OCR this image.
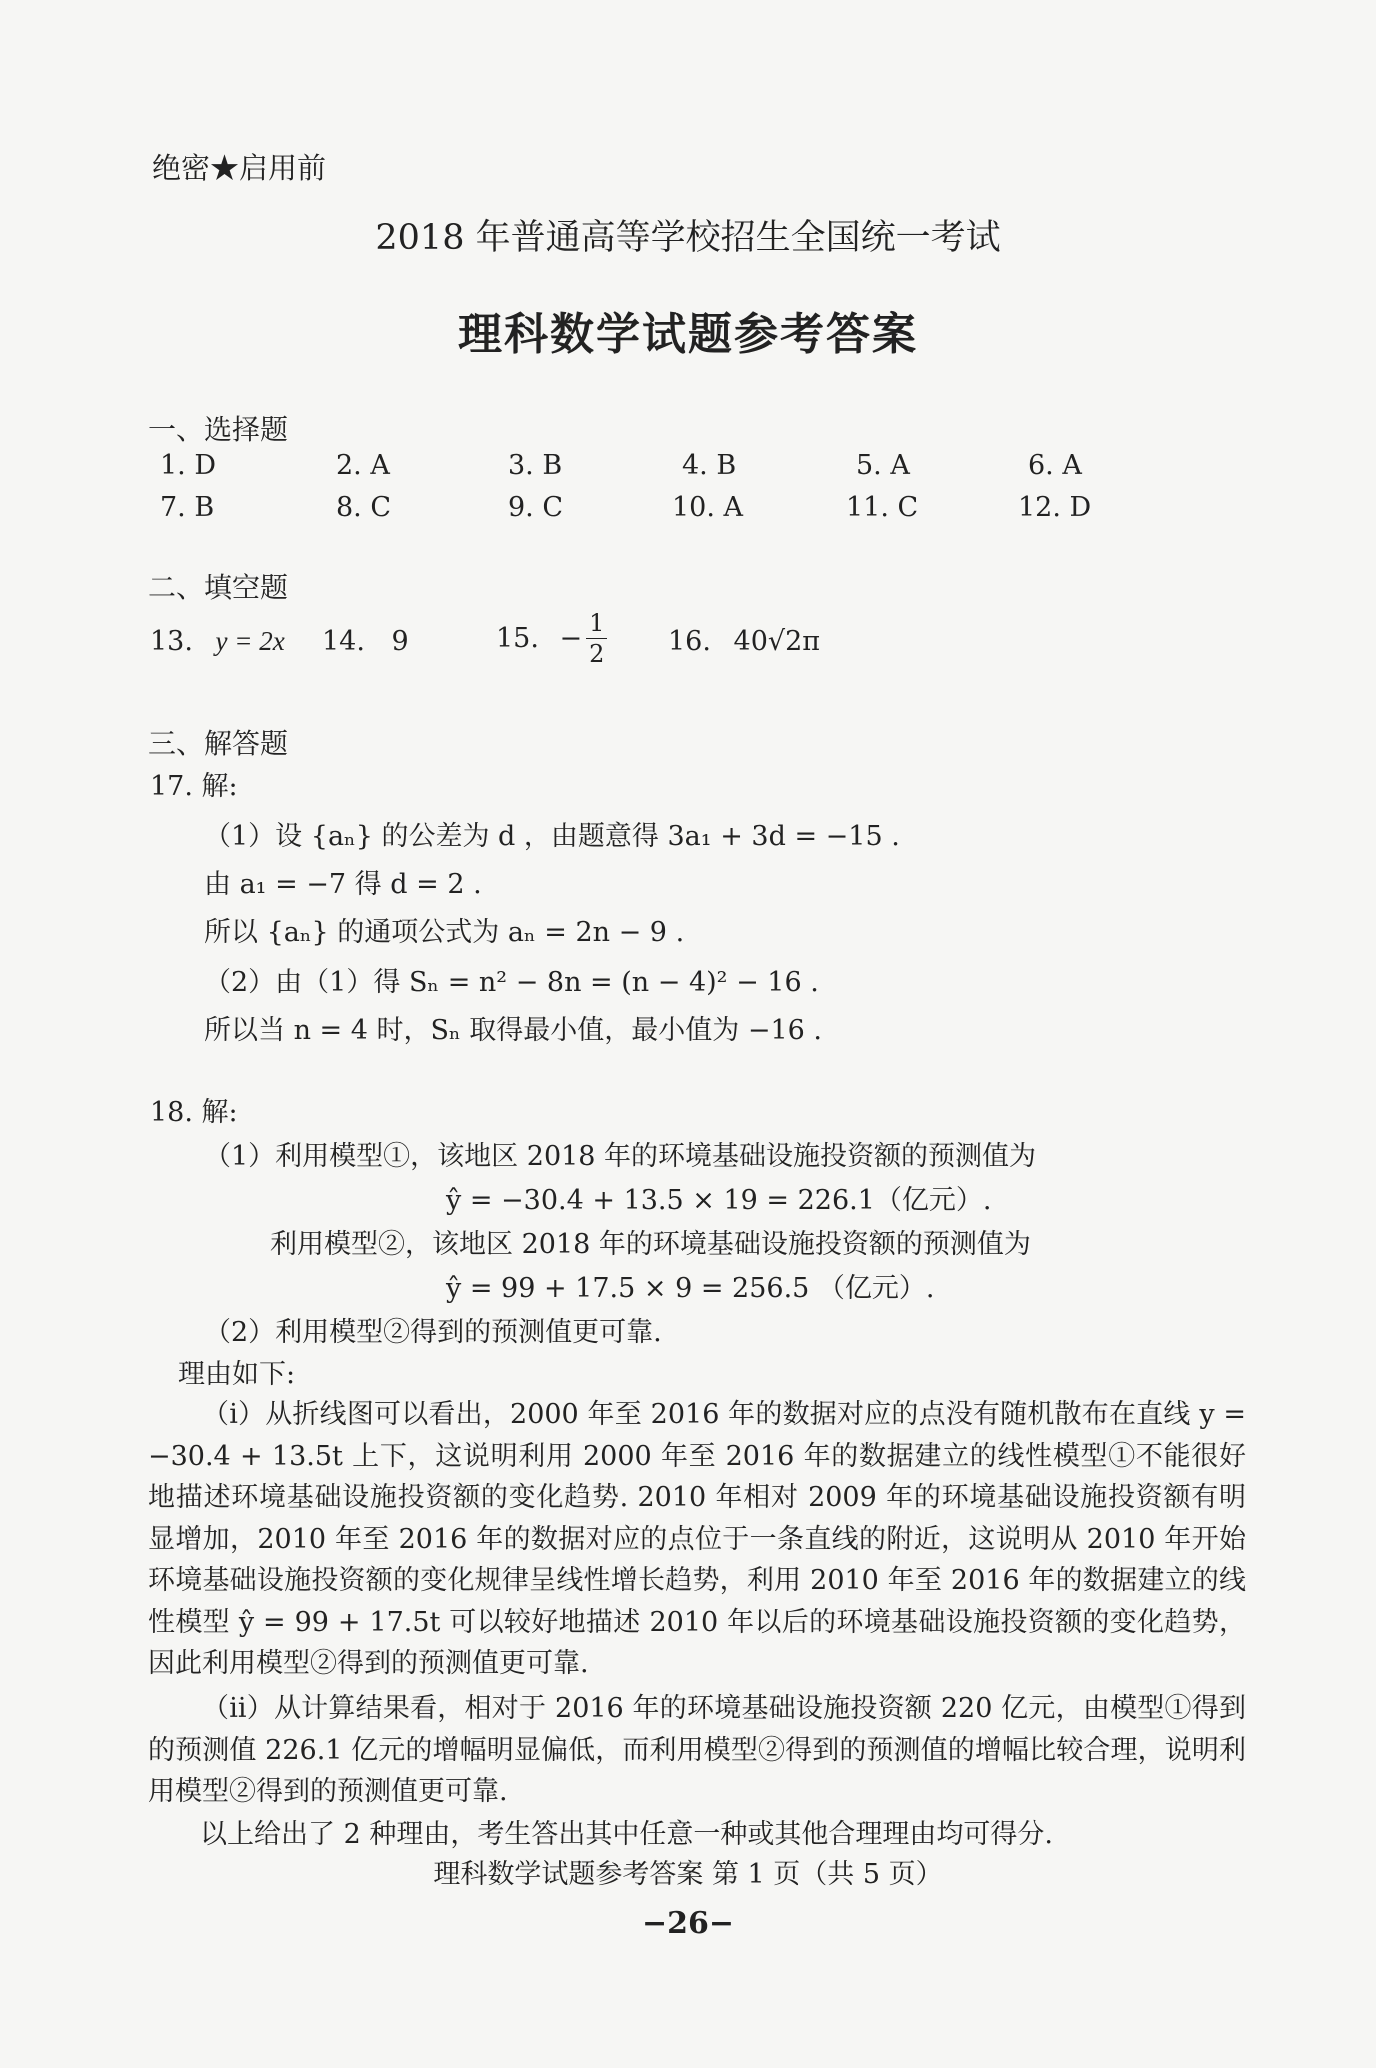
绝密★启用前
2018 年普通高等学校招生全国统一考试
理科数学试题参考答案
一、选择题
1. D	2. A	3. B	4. B	5. A	6. A
7. B	8. C	9. C	10. A	11. C	12. D
二、填空题
13. y = 2x 14. 9	15. − $\frac{1}{2} 16$. 40√2π
三、解答题
17. 解:
（1）设 {aₙ} 的公差为 d ，由题意得 3a₁ + 3d = −15 .
由 a₁ = −7 得 d = 2 .
所以 {aₙ} 的通项公式为 aₙ = 2n − 9 .
（2）由（1）得 Sₙ = n² − 8n = (n − 4)² − 16 .
所以当 n = 4 时，Sₙ 取得最小值，最小值为 −16 .
18. 解:
（1）利用模型①，该地区 2018 年的环境基础设施投资额的预测值为
ŷ = −30.4 + 13.5 × 19 = 226.1（亿元）.
利用模型②，该地区 2018 年的环境基础设施投资额的预测值为
ŷ = 99 + 17.5 × 9 = 256.5 （亿元）.
（2）利用模型②得到的预测值更可靠.
理由如下:
（ⅰ）从折线图可以看出，2000 年至 2016 年的数据对应的点没有随机散布在直线 y = −30.4 + 13.5t 上下，这说明利用 2000 年至 2016 年的数据建立的线性模型①不能很好地描述环境基础设施投资额的变化趋势. 2010 年相对 2009 年的环境基础设施投资额有明显增加，2010 年至 2016 年的数据对应的点位于一条直线的附近，这说明从 2010 年开始环境基础设施投资额的变化规律呈线性增长趋势，利用 2010 年至 2016 年的数据建立的线性模型 ŷ = 99 + 17.5t 可以较好地描述 2010 年以后的环境基础设施投资额的变化趋势，因此利用模型②得到的预测值更可靠.
（ⅱ）从计算结果看，相对于 2016 年的环境基础设施投资额 220 亿元，由模型①得到的预测值 226.1 亿元的增幅明显偏低，而利用模型②得到的预测值的增幅比较合理，说明利用模型②得到的预测值更可靠.
以上给出了 2 种理由，考生答出其中任意一种或其他合理理由均可得分.
理科数学试题参考答案 第 1 页（共 5 页）
−26−
